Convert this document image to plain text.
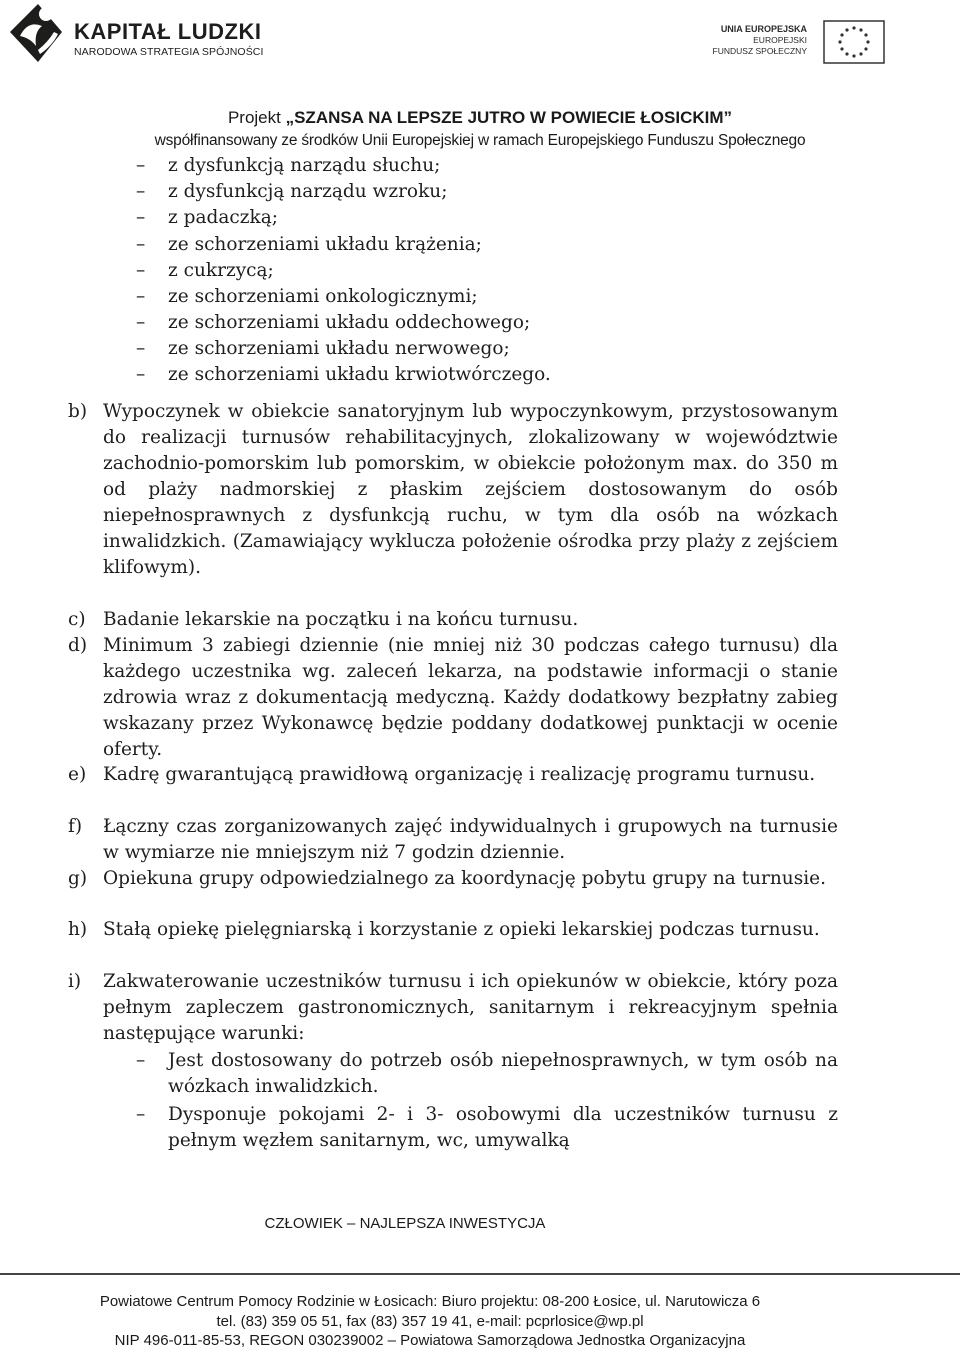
KAPITAŁ LUDZKI

NARODOWA STRATEGIA SPÓJNOŚCI

UNIA EUROPEJSKA
EUROPEJSKI
FUNDUSZ SPOŁECZNY
Projekt „SZANSA NA LEPSZE JUTRO W POWIECIE ŁOSICKIM”
współfinansowany ze środków Unii Europejskiej w ramach Europejskiego Funduszu Społecznego
– z dysfunkcją narządu słuchu;
– z dysfunkcją narządu wzroku;
– z padaczką;
– ze schorzeniami układu krążenia;
– z cukrzycą;
– ze schorzeniami onkologicznymi;
– ze schorzeniami układu oddechowego;
– ze schorzeniami układu nerwowego;
– ze schorzeniami układu krwiotwórczego.
b) Wypoczynek w obiekcie sanatoryjnym lub wypoczynkowym, przystosowanym do realizacji turnusów rehabilitacyjnych, zlokalizowany w województwie zachodnio-pomorskim lub pomorskim, w obiekcie położonym max. do 350 m od plaży nadmorskiej z płaskim zejściem dostosowanym do osób niepełnosprawnych z dysfunkcją ruchu, w tym dla osób na wózkach inwalidzkich. (Zamawiający wyklucza położenie ośrodka przy plaży z zejściem klifowym).
c) Badanie lekarskie na początku i na końcu turnusu.
d) Minimum 3 zabiegi dziennie (nie mniej niż 30 podczas całego turnusu) dla każdego uczestnika wg. zaleceń lekarza, na podstawie informacji o stanie zdrowia wraz z dokumentacją medyczną. Każdy dodatkowy bezpłatny zabieg wskazany przez Wykonawcę będzie poddany dodatkowej punktacji w ocenie oferty.
e) Kadrę gwarantującą prawidłową organizację i realizację programu turnusu.
f) Łączny czas zorganizowanych zajęć indywidualnych i grupowych na turnusie w wymiarze nie mniejszym niż 7 godzin dziennie.
g) Opiekuna grupy odpowiedzialnego za koordynację pobytu grupy na turnusie.
h) Stałą opiekę pielęgniarską i korzystanie z opieki lekarskiej podczas turnusu.
i) Zakwaterowanie uczestników turnusu i ich opiekunów w obiekcie, który poza pełnym zapleczem gastronomicznych, sanitarnym i rekreacyjnym spełnia następujące warunki:
– Jest dostosowany do potrzeb osób niepełnosprawnych, w tym osób na wózkach inwalidzkich.
– Dysponuje pokojami 2- i 3- osobowymi dla uczestników turnusu z pełnym węzłem sanitarnym, wc, umywalką
CZŁOWIEK – NAJLEPSZA INWESTYCJA
Powiatowe Centrum Pomocy Rodzinie w Łosicach: Biuro projektu: 08-200 Łosice, ul. Narutowicza 6
tel. (83) 359 05 51, fax (83) 357 19 41, e-mail: pcprlosice@wp.pl
NIP 496-011-85-53, REGON 030239002 – Powiatowa Samorządowa Jednostka Organizacyjna
